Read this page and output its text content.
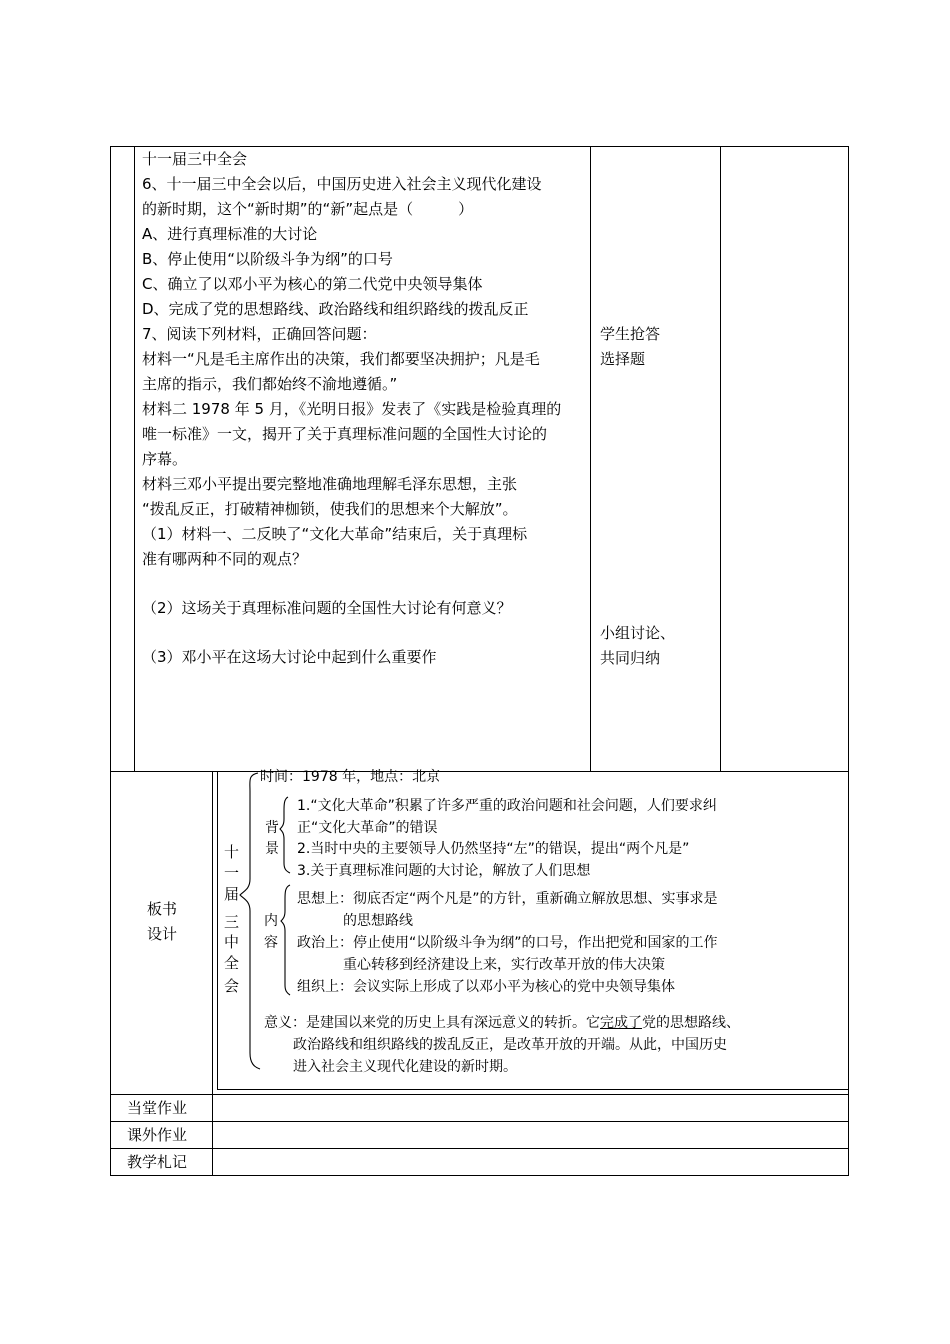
十一届三中全会
6、十一届三中全会以后，中国历史进入社会主义现代化建设
的新时期，这个“新时期”的“新”起点是（　　　）
A、进行真理标准的大讨论
B、停止使用“以阶级斗争为纲”的口号
C、确立了以邓小平为核心的第二代党中央领导集体
D、完成了党的思想路线、政治路线和组织路线的拨乱反正
7、阅读下列材料，正确回答问题：
材料一“凡是毛主席作出的决策，我们都要坚决拥护；凡是毛
主席的指示，我们都始终不渝地遵循。”
材料二 1978 年 5 月，《光明日报》发表了《实践是检验真理的
唯一标准》一文，揭开了关于真理标准问题的全国性大讨论的
序幕。
材料三邓小平提出要完整地准确地理解毛泽东思想，主张
“拨乱反正，打破精神枷锁，使我们的思想来个大解放”。
（1）材料一、二反映了“文化大革命”结束后，关于真理标
准有哪两种不同的观点？
（2）这场关于真理标准问题的全国性大讨论有何意义？
（3）邓小平在这场大讨论中起到什么重要作
学生抢答
选择题
小组讨论、
共同归纳
板书
设计
十
一
届
三
中
全
会
时间：1978 年，地点：北京
背
景
1.“文化大革命”积累了许多严重的政治问题和社会问题，人们要求纠
正“文化大革命”的错误
2.当时中央的主要领导人仍然坚持“左”的错误，提出“两个凡是”
3.关于真理标准问题的大讨论，解放了人们思想
内
容
思想上：彻底否定“两个凡是”的方针，重新确立解放思想、实事求是
的思想路线
政治上：停止使用“以阶级斗争为纲”的口号，作出把党和国家的工作
重心转移到经济建设上来，实行改革开放的伟大决策
组织上：会议实际上形成了以邓小平为核心的党中央领导集体
意义：是建国以来党的历史上具有深远意义的转折。它完成了党的思想路线、
政治路线和组织路线的拨乱反正，是改革开放的开端。从此，中国历史
进入社会主义现代化建设的新时期。
当堂作业
课外作业
教学札记
